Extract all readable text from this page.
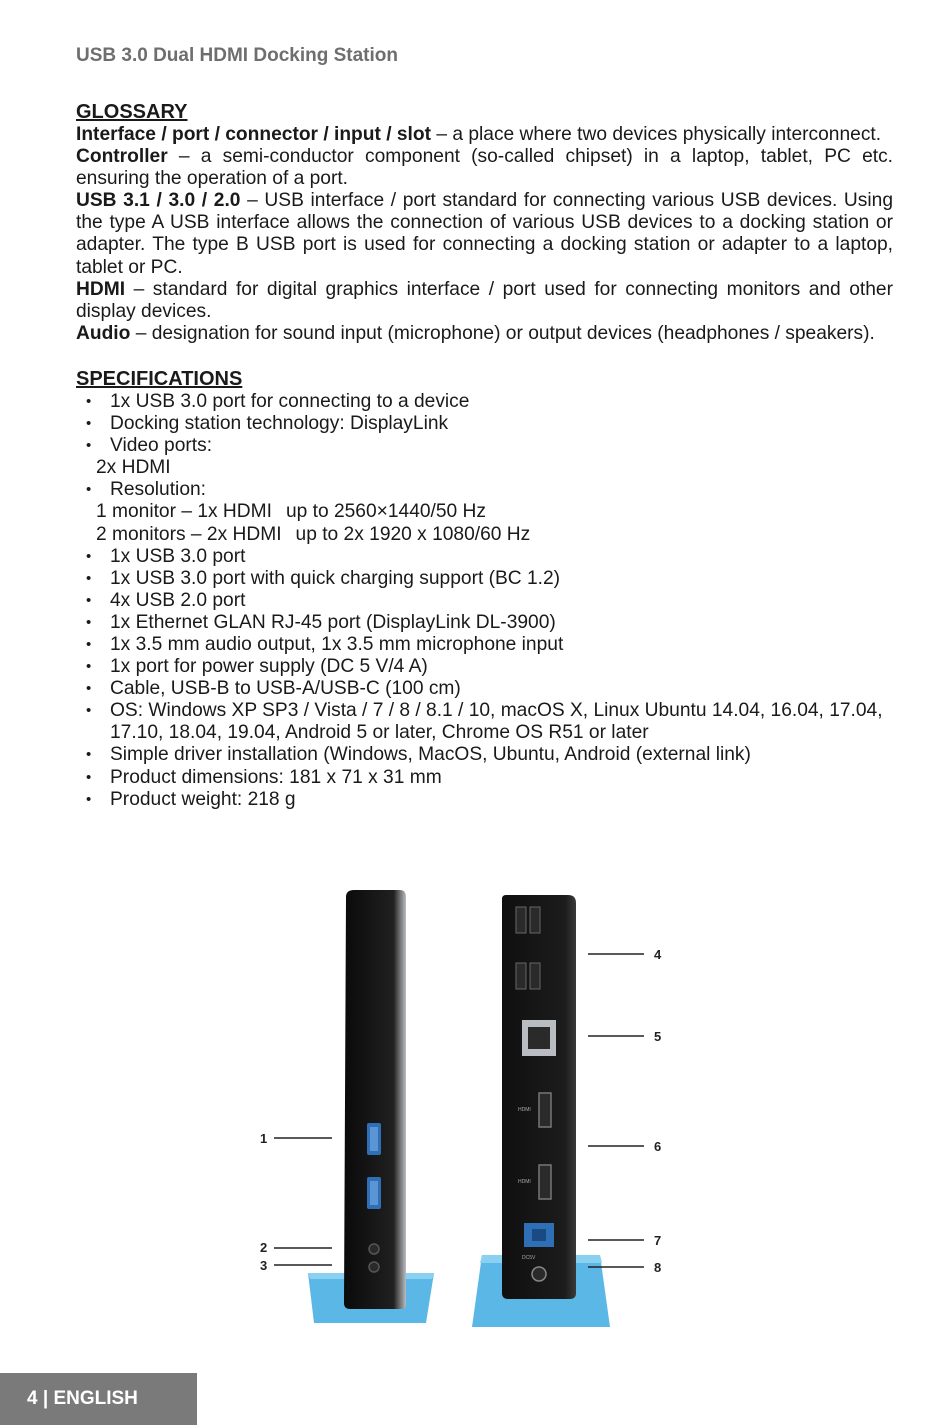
USB 3.0 Dual HDMI Docking Station

GLOSSARY

Interface / port / connector / input / slot – a place where two devices physically interconnect.

Controller – a semi-conductor component (so-called chipset) in a laptop, tablet, PC etc. ensuring the operation of a port.

USB 3.1 / 3.0 / 2.0 – USB interface / port standard for connecting various USB devices. Using the type A USB interface allows the connection of various USB devices to a docking station or adapter. The type B USB port is used for connecting a docking station or adapter to a laptop, tablet or PC.

HDMI – standard for digital graphics interface / port used for connecting monitors and other display devices.

Audio – designation for sound input (microphone) or output devices (headphones / speakers).

SPECIFICATIONS

• 1x USB 3.0 port for connecting to a device
• Docking station technology: DisplayLink
• Video ports:
2x HDMI
• Resolution:
1 monitor – 1x HDMI up to 2560×1440/50 Hz
2 monitors – 2x HDMI up to 2x 1920 x 1080/60 Hz
• 1x USB 3.0 port
• 1x USB 3.0 port with quick charging support (BC 1.2)
• 4x USB 2.0 port
• 1x Ethernet GLAN RJ-45 port (DisplayLink DL-3900)
• 1x 3.5 mm audio output, 1x 3.5 mm microphone input
• 1x port for power supply (DC 5 V/4 A)
• Cable, USB-B to USB-A/USB-C (100 cm)
• OS: Windows XP SP3 / Vista / 7 / 8 / 8.1 / 10, macOS X, Linux Ubuntu 14.04, 16.04, 17.04, 17.10, 18.04, 19.04, Android 5 or later, Chrome OS R51 or later
• Simple driver installation (Windows, MacOS, Ubuntu, Android (external link)
• Product dimensions: 181 x 71 x 31 mm
• Product weight: 218 g
HDMI
HDMI
DC5V
1
2
3
4
5
6
7
8
4 | ENGLISH
